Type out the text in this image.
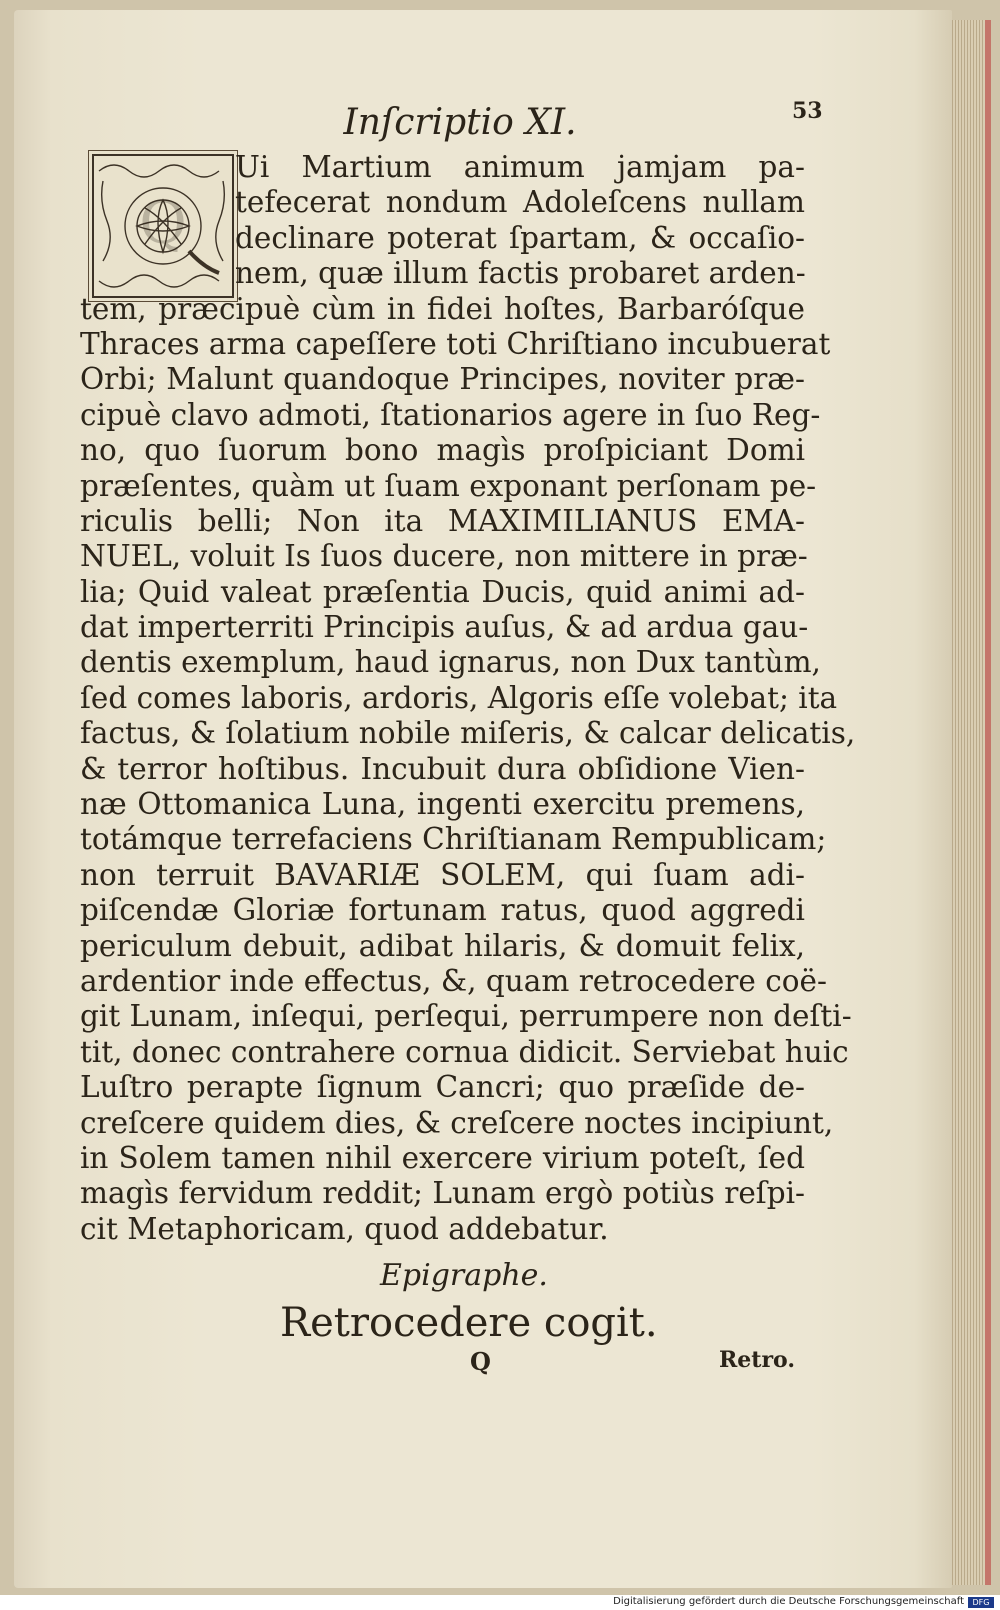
Inſcriptio XI.	53
Q
Ui Martium animum jamjam pa-
tefecerat nondum Adoleſcens nullam
declinare poterat ſpartam, & occaſio-
nem, quæ illum factis probaret arden-
tem, præcipuè cùm in fidei hoſtes, Barbaróſque
Thraces arma capeſſere toti Chriſtiano incubuerat
Orbi; Malunt quandoque Principes, noviter præ-
cipuè clavo admoti, ſtationarios agere in ſuo Reg-
no, quo ſuorum bono magìs proſpiciant Domi
præſentes, quàm ut ſuam exponant perſonam pe-
riculis belli; Non ita MAXIMILIANUS EMA-
NUEL, voluit Is ſuos ducere, non mittere in præ-
lia; Quid valeat præſentia Ducis, quid animi ad-
dat imperterriti Principis auſus, & ad ardua gau-
dentis exemplum, haud ignarus, non Dux tantùm,
ſed comes laboris, ardoris, Algoris eſſe volebat; ita
factus, & ſolatium nobile miſeris, & calcar delicatis,
& terror hoſtibus. Incubuit dura obſidione Vien-
næ Ottomanica Luna, ingenti exercitu premens,
totámque terrefaciens Chriſtianam Rempublicam;
non terruit BAVARIÆ SOLEM, qui ſuam adi-
piſcendæ Gloriæ fortunam ratus, quod aggredi
periculum debuit, adibat hilaris, & domuit felix,
ardentior inde effectus, &, quam retrocedere coë-
git Lunam, inſequi, perſequi, perrumpere non deſti-
tit, donec contrahere cornua didicit. Serviebat huic
Luſtro perapte ſignum Cancri; quo præſide de-
creſcere quidem dies, & creſcere noctes incipiunt,
in Solem tamen nihil exercere virium poteſt, ſed
magìs fervidum reddit; Lunam ergò potiùs reſpi-
cit Metaphoricam, quod addebatur.
Epigraphe.
Retrocedere cogit.
Q	Retro.
Digitalisierung gefördert durch die Deutsche Forschungsgemeinschaft	DFG
